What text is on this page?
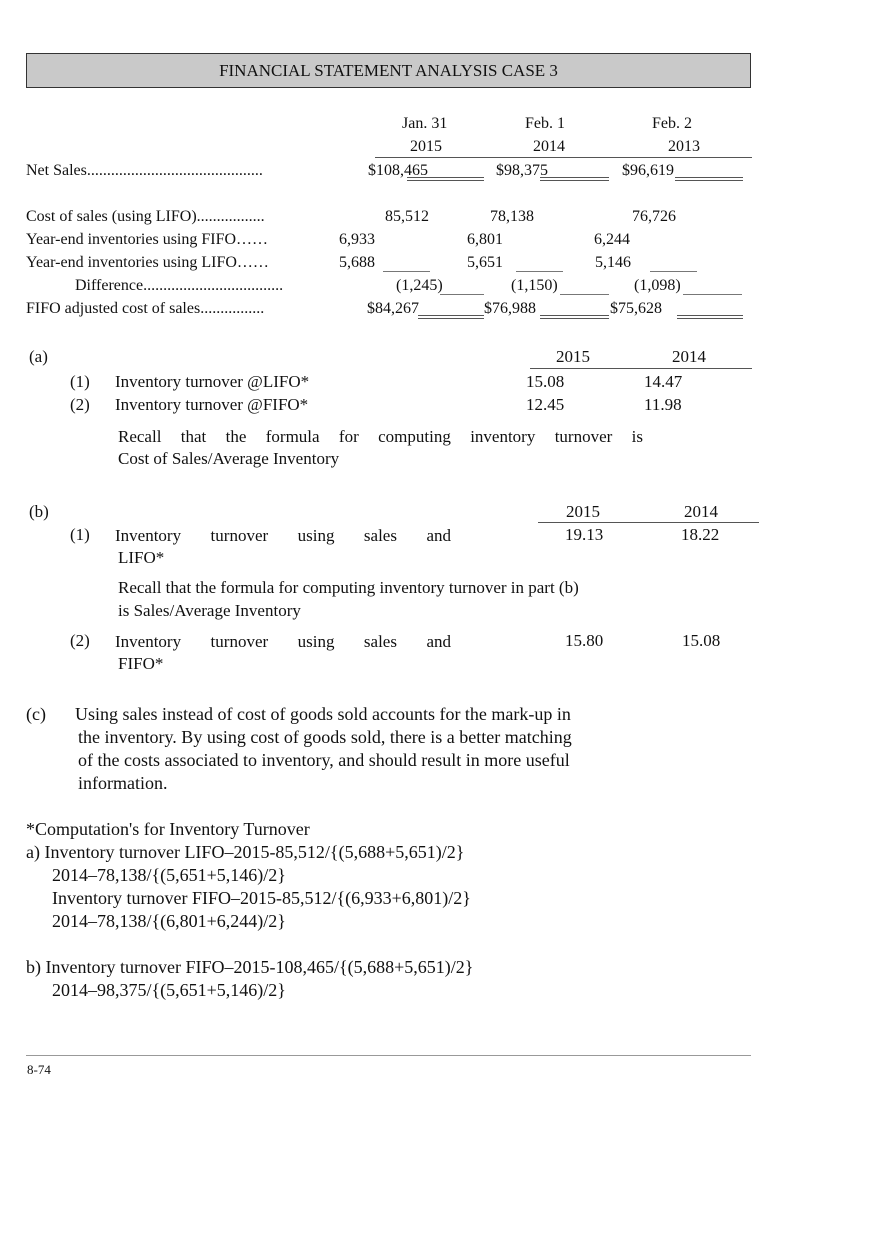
FINANCIAL STATEMENT ANALYSIS CASE 3
Jan. 31	Feb. 1	Feb. 2
2015	2014	2013
Net Sales............................................	$108,465	$98,375	$96,619
Cost of sales (using LIFO).................	85,512	78,138	76,726
Year-end inventories using FIFO……	6,933	6,801	6,244
Year-end inventories using LIFO……	5,688	5,651	5,146
Difference...................................	(1,245)	(1,150)	(1,098)
FIFO adjusted cost of sales................	$84,267	$76,988	$75,628
(a)	2015	2014
(1) Inventory turnover @LIFO*	15.08	14.47
(2) Inventory turnover @FIFO*	12.45	11.98
Recall that the formula for computing inventory turnover is
Cost of Sales/Average Inventory
(b)	2015	2014
(1) Inventory turnover using sales and
LIFO*
19.13	18.22
Recall that the formula for computing inventory turnover in part (b)
is Sales/Average Inventory
(2) Inventory turnover using sales and
FIFO*
15.80	15.08
(c) Using sales instead of cost of goods sold accounts for the mark-up in
the inventory. By using cost of goods sold, there is a better matching
of the costs associated to inventory, and should result in more useful
information.
*Computation's for Inventory Turnover
a) Inventory turnover LIFO–2015-85,512/{(5,688+5,651)/2}
2014–78,138/{(5,651+5,146)/2}
Inventory turnover FIFO–2015-85,512/{(6,933+6,801)/2}
2014–78,138/{(6,801+6,244)/2}
b) Inventory turnover FIFO–2015-108,465/{(5,688+5,651)/2}
2014–98,375/{(5,651+5,146)/2}
8-74
